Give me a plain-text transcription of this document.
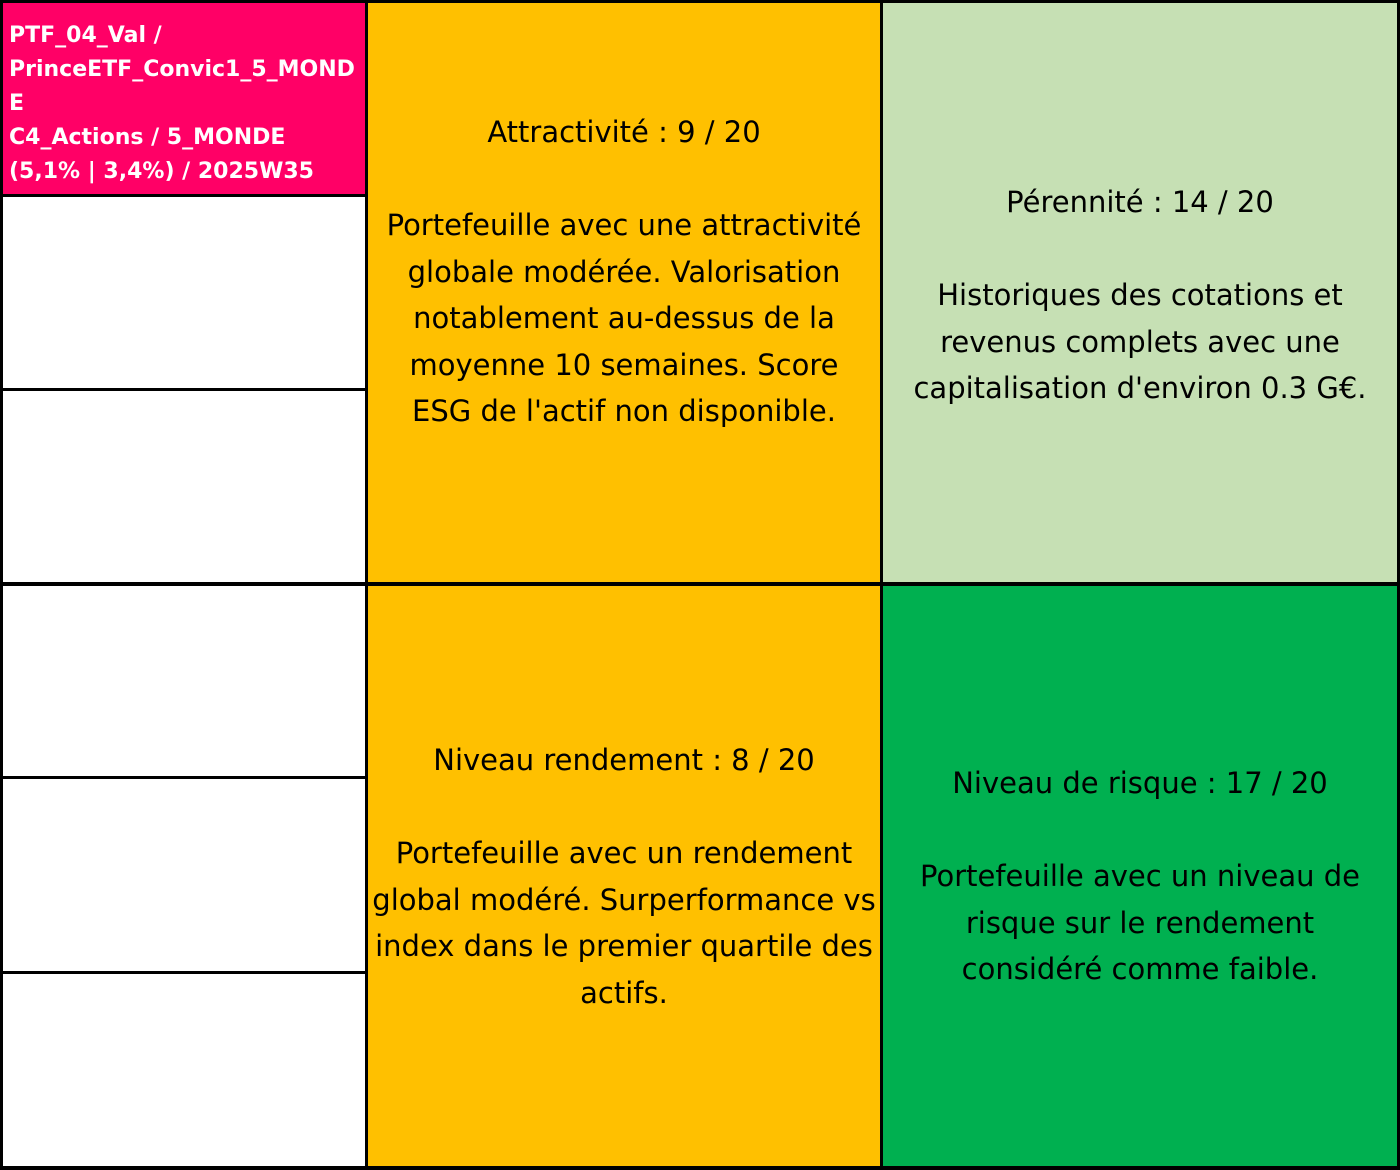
PTF_04_Val /
PrinceETF_Convic1_5_MONDE
C4_Actions / 5_MONDE
(5,1% | 3,4%) / 2025W35

Attractivité : 9 / 20

Portefeuille avec une attractivité globale modérée. Valorisation notablement au-dessus de la moyenne 10 semaines. Score ESG de l'actif non disponible.

Pérennité : 14 / 20

Historiques des cotations et revenus complets avec une capitalisation d'environ 0.3 G€.

Niveau rendement : 8 / 20

Portefeuille avec un rendement global modéré. Surperformance vs index dans le premier quartile des actifs.

Niveau de risque : 17 / 20

Portefeuille avec un niveau de risque sur le rendement considéré comme faible.
